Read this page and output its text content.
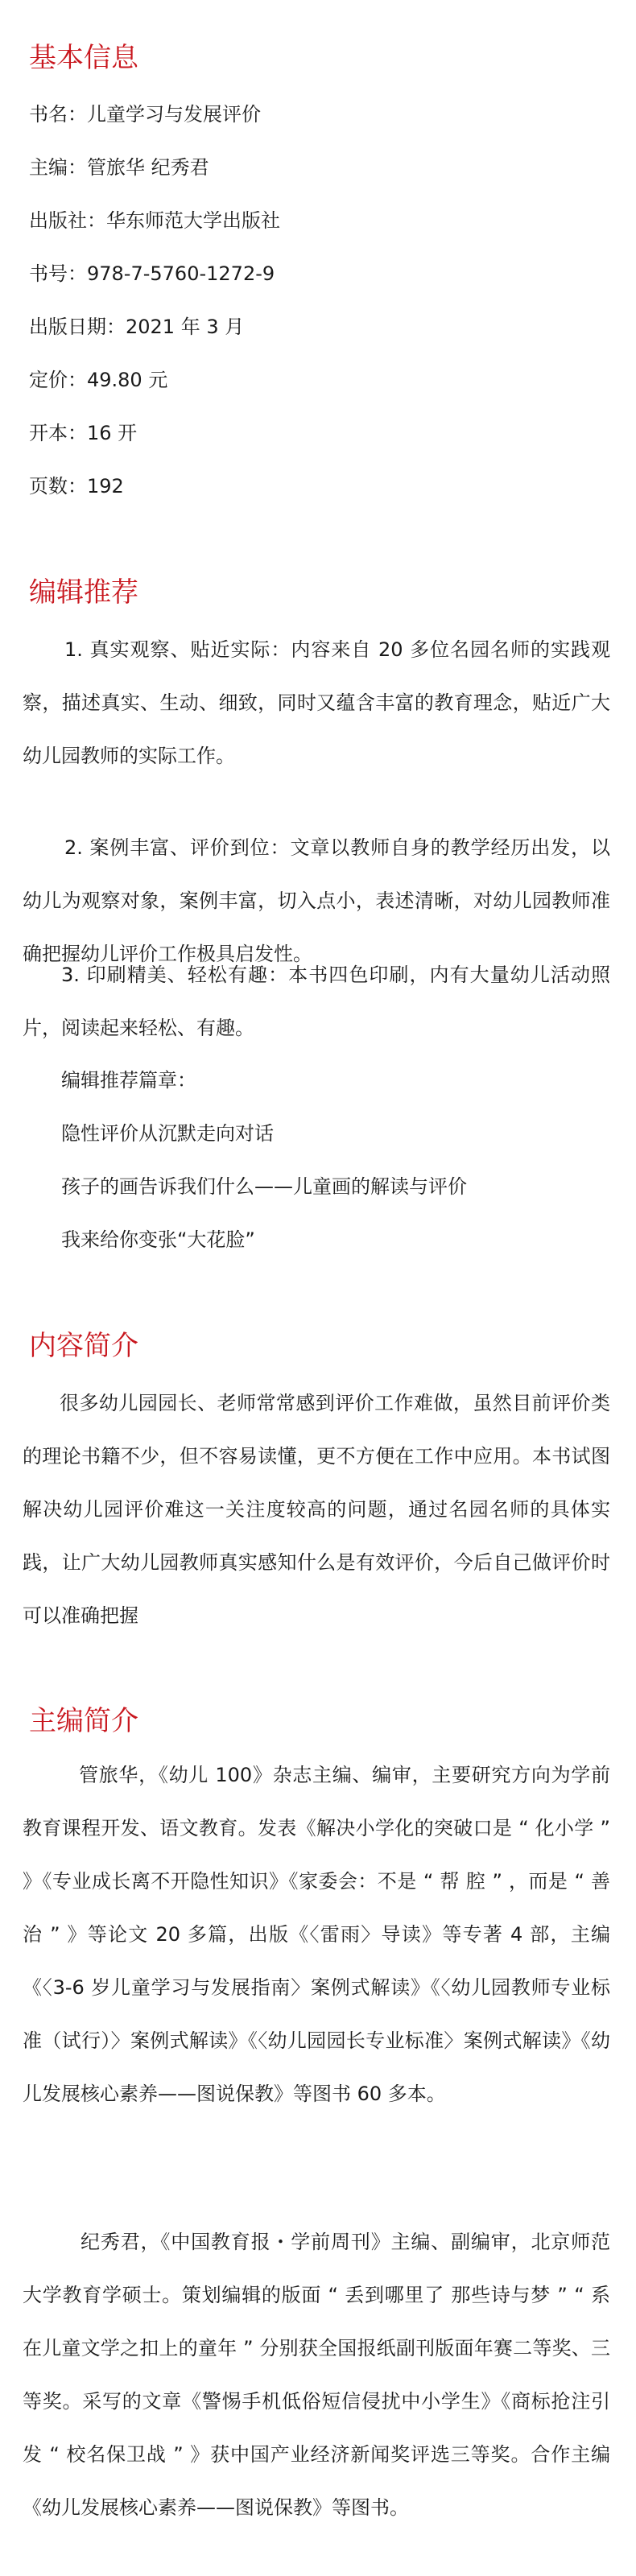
基本信息
书名：儿童学习与发展评价
主编：管旅华 纪秀君
出版社：华东师范大学出版社
书号：978-7-5760-1272-9
出版日期：2021 年 3 月
定价：49.80 元
开本：16 开
页数：192
编辑推荐

1. 真实观察、贴近实际：内容来自 20 多位名园名师的实践观察，描述真实、生动、细致，同时又蕴含丰富的教育理念，贴近广大幼儿园教师的实际工作。

2. 案例丰富、评价到位：文章以教师自身的教学经历出发，以幼儿为观察对象，案例丰富，切入点小，表述清晰，对幼儿园教师准确把握幼儿评价工作极具启发性。

3. 印刷精美、轻松有趣：本书四色印刷，内有大量幼儿活动照片，阅读起来轻松、有趣。

编辑推荐篇章：
隐性评价从沉默走向对话
孩子的画告诉我们什么——儿童画的解读与评价
我来给你变张“大花脸”
内容简介

很多幼儿园园长、老师常常感到评价工作难做，虽然目前评价类的理论书籍不少，但不容易读懂，更不方便在工作中应用。本书试图解决幼儿园评价难这一关注度较高的问题，通过名园名师的具体实践，让广大幼儿园教师真实感知什么是有效评价，今后自己做评价时可以准确把握

主编简介

管旅华，《幼儿 100》杂志主编、编审，主要研究方向为学前教育课程开发、语文教育。发表《解决小学化的突破口是 “ 化小学 ” 》《专业成长离不开隐性知识》《家委会：不是 “ 帮 腔 ” ，而是 “ 善 治 ” 》等论文 20 多篇，出版《〈雷雨〉导读》等专著 4 部，主编《〈3-6 岁儿童学习与发展指南〉案例式解读》《〈幼儿园教师专业标准（试行）〉案例式解读》《〈幼儿园园长专业标准〉案例式解读》《幼儿发展核心素养——图说保教》等图书 60 多本。

纪秀君，《中国教育报・学前周刊》主编、副编审，北京师范大学教育学硕士。策划编辑的版面 “ 丢到哪里了 那些诗与梦 ” “ 系在儿童文学之扣上的童年 ” 分别获全国报纸副刊版面年赛二等奖、三等奖。采写的文章《警惕手机低俗短信侵扰中小学生》《商标抢注引发 “ 校名保卫战 ” 》获中国产业经济新闻奖评选三等奖。合作主编《幼儿发展核心素养——图说保教》等图书。
